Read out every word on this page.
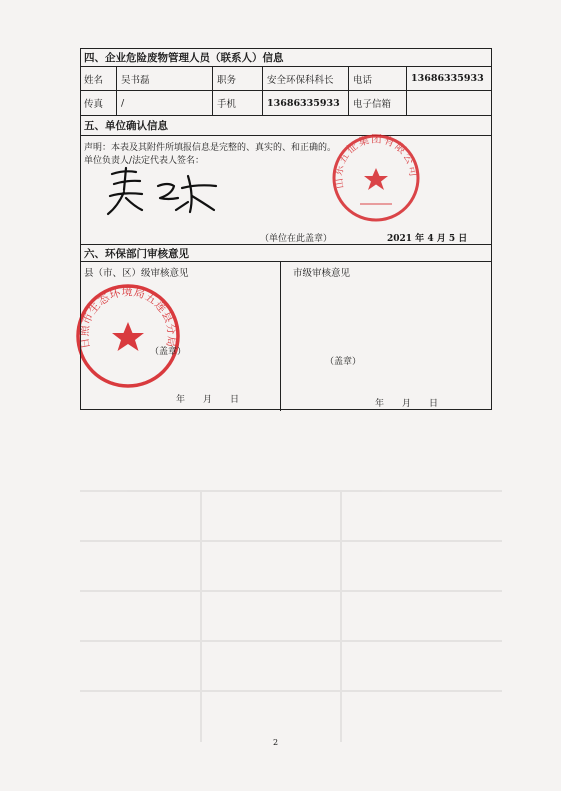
四、企业危险废物管理人员（联系人）信息
姓名	吴书磊	职务	安全环保科科长	电话	13686335933
传真	/	手机	13686335933	电子信箱
五、单位确认信息
声明：本表及其附件所填报信息是完整的、真实的、和正确的。
单位负责人/法定代表人签名：
山东五征集团有限公司
（单位在此盖章）	2021 年 4 月 5 日
六、环保部门审核意见
县（市、区）级审核意见	市级审核意见
日照市生态环境局五莲县分局
（盖章）
（盖章）
年　　月　　日	年　　月　　日
2
